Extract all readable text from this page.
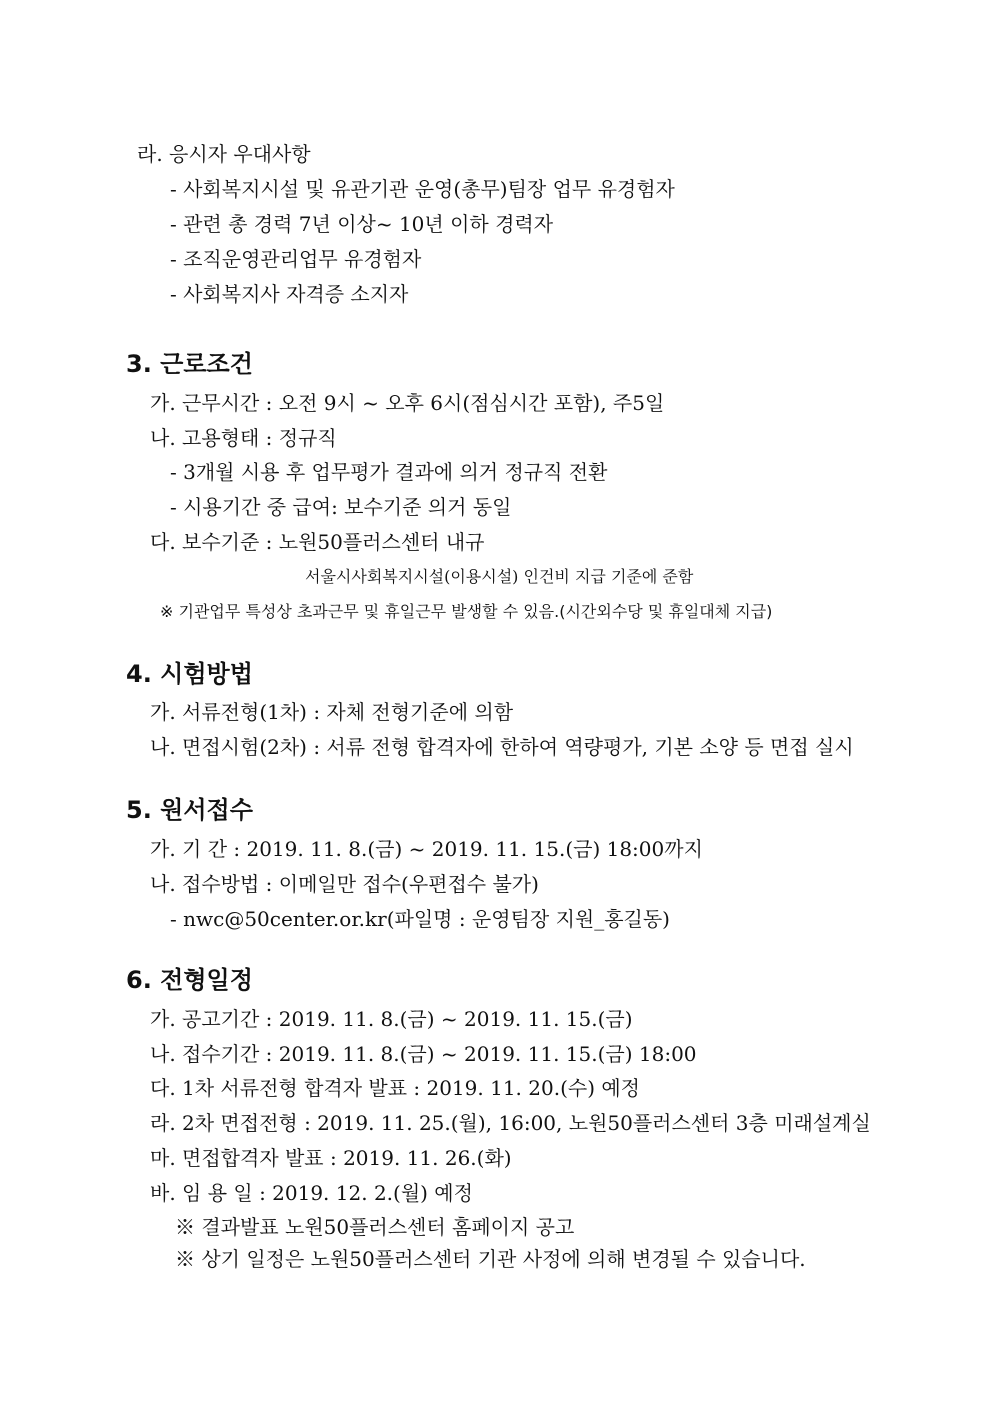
라. 응시자 우대사항
- 사회복지시설 및 유관기관 운영(총무)팀장 업무 유경험자
- 관련 총 경력 7년 이상~ 10년 이하 경력자
- 조직운영관리업무 유경험자
- 사회복지사 자격증 소지자
3. 근로조건
가. 근무시간 : 오전 9시 ~ 오후 6시(점심시간 포함), 주5일
나. 고용형태 : 정규직
- 3개월 시용 후 업무평가 결과에 의거 정규직 전환
- 시용기간 중 급여: 보수기준 의거 동일
다. 보수기준 : 노원50플러스센터 내규
서울시사회복지시설(이용시설) 인건비 지급 기준에 준함
※ 기관업무 특성상 초과근무 및 휴일근무 발생할 수 있음.(시간외수당 및 휴일대체 지급)
4. 시험방법
가. 서류전형(1차) : 자체 전형기준에 의함
나. 면접시험(2차) : 서류 전형 합격자에 한하여 역량평가, 기본 소양 등 면접 실시
5. 원서접수
가. 기 간 : 2019. 11. 8.(금) ~ 2019. 11. 15.(금) 18:00까지
나. 접수방법 : 이메일만 접수(우편접수 불가)
- nwc@50center.or.kr(파일명 : 운영팀장 지원_홍길동)
6. 전형일정
가. 공고기간 : 2019. 11. 8.(금) ~ 2019. 11. 15.(금)
나. 접수기간 : 2019. 11. 8.(금) ~ 2019. 11. 15.(금) 18:00
다. 1차 서류전형 합격자 발표 : 2019. 11. 20.(수) 예정
라. 2차 면접전형 : 2019. 11. 25.(월), 16:00, 노원50플러스센터 3층 미래설계실
마. 면접합격자 발표 : 2019. 11. 26.(화)
바. 임 용 일 : 2019. 12. 2.(월) 예정
※ 결과발표 노원50플러스센터 홈페이지 공고
※ 상기 일정은 노원50플러스센터 기관 사정에 의해 변경될 수 있습니다.
